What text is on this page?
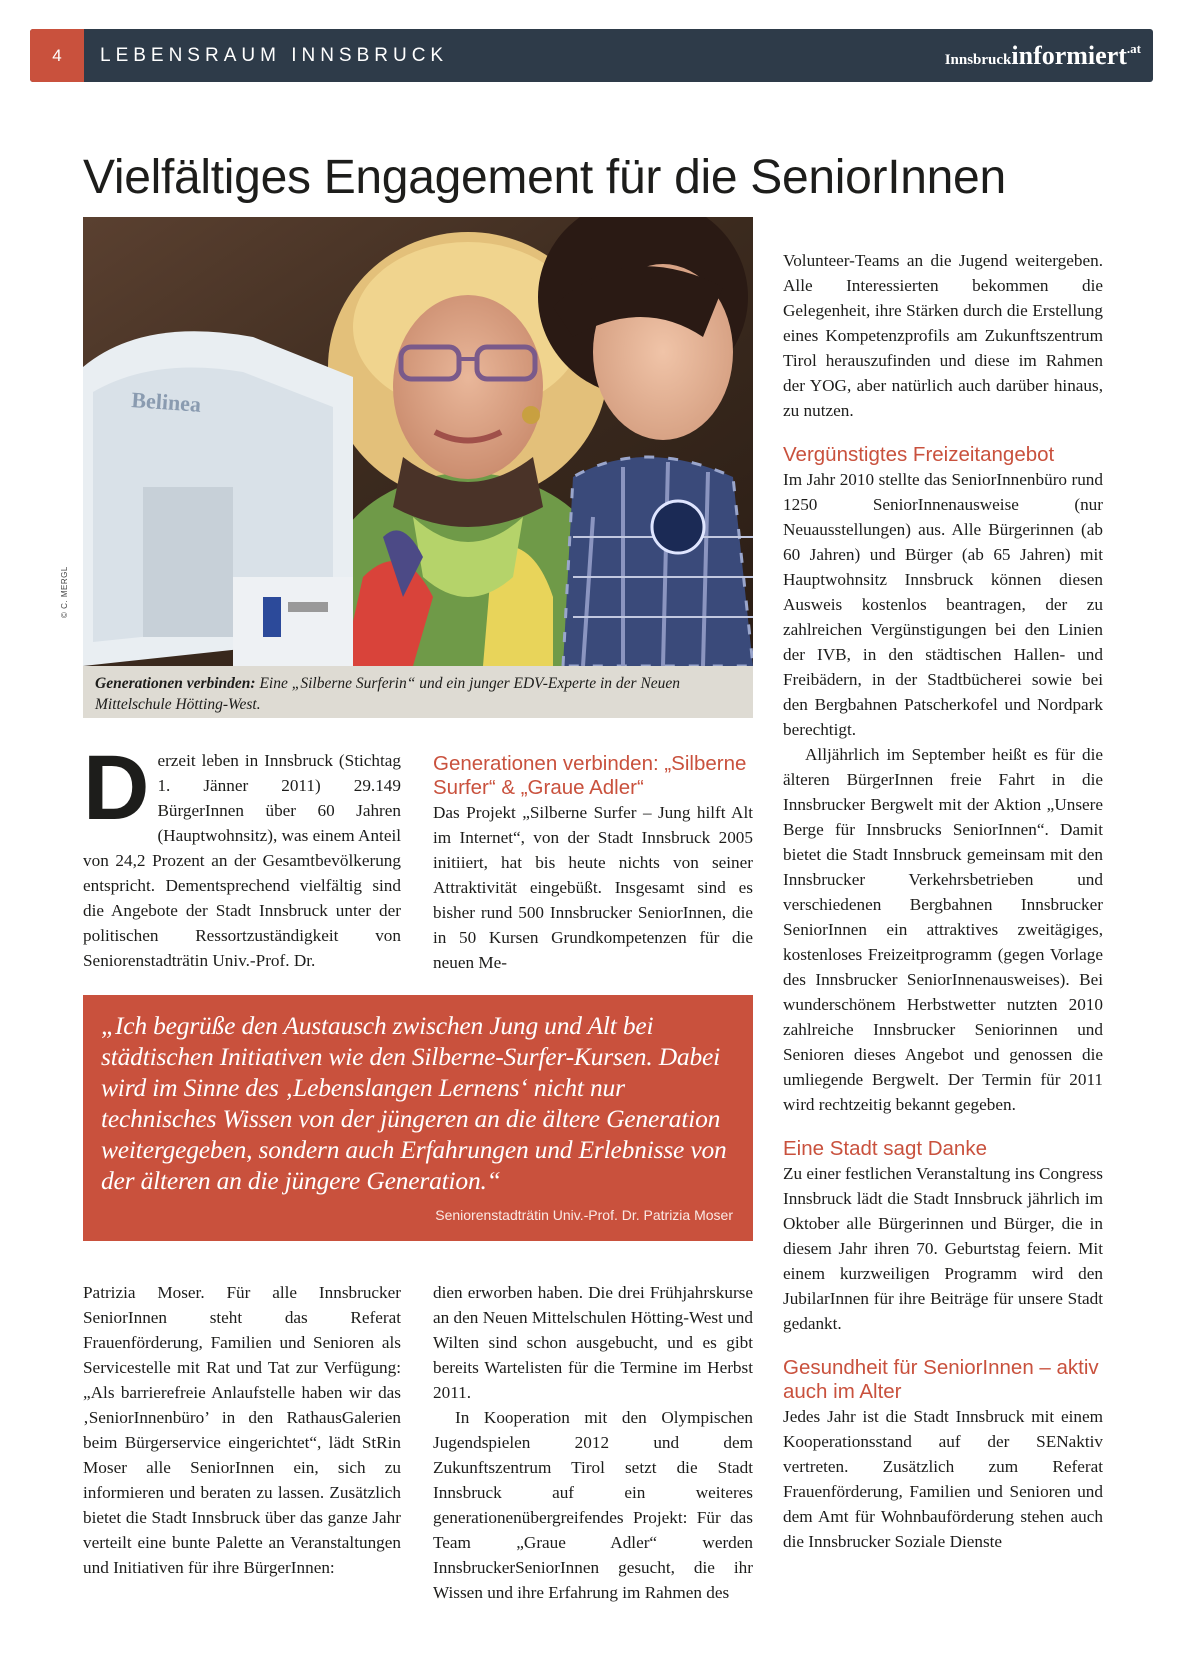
4	LEBENSRAUM INNSBRUCK	Innsbruckinformiert$^{.at}$
Vielfältiges Engagement für die SeniorInnen
Belinea
© C. MERGL
Generationen verbinden: Eine „Silberne Surferin“ und ein junger EDV-Experte in der Neuen Mittelschule Hötting-West.

Derzeit leben in Innsbruck (Stichtag 1. Jänner 2011) 29.149 BürgerInnen über 60 Jahren (Hauptwohnsitz), was einem Anteil von 24,2 Prozent an der Gesamtbevölkerung entspricht. Dementsprechend vielfältig sind die Angebote der Stadt Innsbruck unter der politischen Ressortzuständigkeit von Seniorenstadträtin Univ.-Prof. Dr.

Generationen verbinden: „Silberne Surfer“ & „Graue Adler“

Das Projekt „Silberne Surfer – Jung hilft Alt im Internet“, von der Stadt Innsbruck 2005 initiiert, hat bis heute nichts von seiner Attraktivität eingebüßt. Insgesamt sind es bisher rund 500 Innsbrucker SeniorInnen, die in 50 Kursen Grundkompetenzen für die neuen Me-

„Ich begrüße den Austausch zwischen Jung und Alt bei städtischen Initiativen wie den Silberne-Surfer-Kursen. Dabei wird im Sinne des ‚Lebenslangen Lernens‘ nicht nur technisches Wissen von der jüngeren an die ältere Generation weitergegeben, sondern auch Erfahrungen und Erlebnisse von der älteren an die jüngere Generation.“

Seniorenstadträtin Univ.-Prof. Dr. Patrizia Moser

Patrizia Moser. Für alle Innsbrucker SeniorInnen steht das Referat Frauenförderung, Familien und Senioren als Servicestelle mit Rat und Tat zur Verfügung: „Als barrierefreie Anlaufstelle haben wir das ‚SeniorInnenbüro’ in den RathausGalerien beim Bürgerservice eingerichtet“, lädt StRin Moser alle SeniorInnen ein, sich zu informieren und beraten zu lassen. Zusätzlich bietet die Stadt Innsbruck über das ganze Jahr verteilt eine bunte Palette an Veranstaltungen und Initiativen für ihre BürgerInnen:

dien erworben haben. Die drei Frühjahrskurse an den Neuen Mittelschulen Hötting-West und Wilten sind schon ausgebucht, und es gibt bereits Wartelisten für die Termine im Herbst 2011.

In Kooperation mit den Olympischen Jugendspielen 2012 und dem Zukunftszentrum Tirol setzt die Stadt Innsbruck auf ein weiteres generationenübergreifendes Projekt: Für das Team „Graue Adler“ werden InnsbruckerSeniorInnen gesucht, die ihr Wissen und ihre Erfahrung im Rahmen des

Volunteer-Teams an die Jugend weitergeben. Alle Interessierten bekommen die Gelegenheit, ihre Stärken durch die Erstellung eines Kompetenzprofils am Zukunftszentrum Tirol herauszufinden und diese im Rahmen der YOG, aber natürlich auch darüber hinaus, zu nutzen.

Vergünstigtes Freizeitangebot

Im Jahr 2010 stellte das SeniorInnenbüro rund 1250 SeniorInnenausweise (nur Neuausstellungen) aus. Alle Bürgerinnen (ab 60 Jahren) und Bürger (ab 65 Jahren) mit Hauptwohnsitz Innsbruck können diesen Ausweis kostenlos beantragen, der zu zahlreichen Vergünstigungen bei den Linien der IVB, in den städtischen Hallen- und Freibädern, in der Stadtbücherei sowie bei den Bergbahnen Patscherkofel und Nordpark berechtigt.

Alljährlich im September heißt es für die älteren BürgerInnen freie Fahrt in die Innsbrucker Bergwelt mit der Aktion „Unsere Berge für Innsbrucks SeniorInnen“. Damit bietet die Stadt Innsbruck gemeinsam mit den Innsbrucker Verkehrsbetrieben und verschiedenen Bergbahnen Innsbrucker SeniorInnen ein attraktives zweitägiges, kostenloses Freizeitprogramm (gegen Vorlage des Innsbrucker SeniorInnenausweises). Bei wunderschönem Herbstwetter nutzten 2010 zahlreiche Innsbrucker Seniorinnen und Senioren dieses Angebot und genossen die umliegende Bergwelt. Der Termin für 2011 wird rechtzeitig bekannt gegeben.

Eine Stadt sagt Danke

Zu einer festlichen Veranstaltung ins Congress Innsbruck lädt die Stadt Innsbruck jährlich im Oktober alle Bürgerinnen und Bürger, die in diesem Jahr ihren 70. Geburtstag feiern. Mit einem kurzweiligen Programm wird den JubilarInnen für ihre Beiträge für unsere Stadt gedankt.

Gesundheit für SeniorInnen – aktiv auch im Alter

Jedes Jahr ist die Stadt Innsbruck mit einem Kooperationsstand auf der SENaktiv vertreten. Zusätzlich zum Referat Frauenförderung, Familien und Senioren und dem Amt für Wohnbauförderung stehen auch die Innsbrucker Soziale Dienste
